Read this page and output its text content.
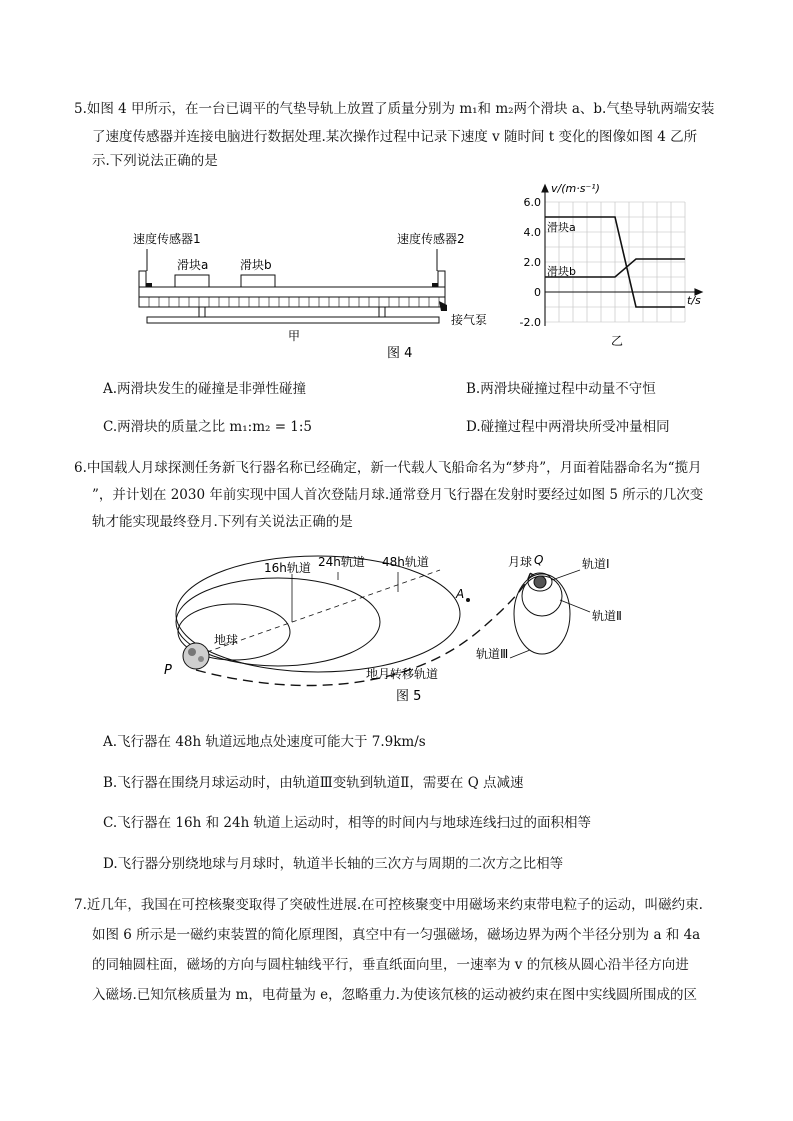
5.如图 4 甲所示，在一台已调平的气垫导轨上放置了质量分别为 m₁和 m₂两个滑块 a、b.气垫导轨两端安装
了速度传感器并连接电脑进行数据处理.某次操作过程中记录下速度 v 随时间 t 变化的图像如图 4 乙所
示.下列说法正确的是
速度传感器1	速度传感器2
滑块a	滑块b
接气泵
甲
图 4
6.0
4.0
2.0
0
-2.0
v/(m·s⁻¹)
t/s
滑块a
滑块b
乙
A.两滑块发生的碰撞是非弹性碰撞	B.两滑块碰撞过程中动量不守恒
C.两滑块的质量之比 m₁:m₂ = 1:5	D.碰撞过程中两滑块所受冲量相同
6.中国载人月球探测任务新飞行器名称已经确定，新一代载人飞船命名为“梦舟”，月面着陆器命名为“揽月
”，并计划在 2030 年前实现中国人首次登陆月球.通常登月飞行器在发射时要经过如图 5 所示的几次变
轨才能实现最终登月.下列有关说法正确的是
16h轨道 24h轨道 48h轨道
地球
P
A
月球 Q	轨道Ⅰ
轨道Ⅱ
轨道Ⅲ
地月转移轨道
图 5
A.飞行器在 48h 轨道远地点处速度可能大于 7.9km/s
B.飞行器在围绕月球运动时，由轨道Ⅲ变轨到轨道Ⅱ，需要在 Q 点减速
C.飞行器在 16h 和 24h 轨道上运动时，相等的时间内与地球连线扫过的面积相等
D.飞行器分别绕地球与月球时，轨道半长轴的三次方与周期的二次方之比相等
7.近几年，我国在可控核聚变取得了突破性进展.在可控核聚变中用磁场来约束带电粒子的运动，叫磁约束.
如图 6 所示是一磁约束装置的简化原理图，真空中有一匀强磁场，磁场边界为两个半径分别为 a 和 4a
的同轴圆柱面，磁场的方向与圆柱轴线平行，垂直纸面向里，一速率为 v 的氘核从圆心沿半径方向进
入磁场.已知氘核质量为 m，电荷量为 e，忽略重力.为使该氘核的运动被约束在图中实线圆所围成的区
